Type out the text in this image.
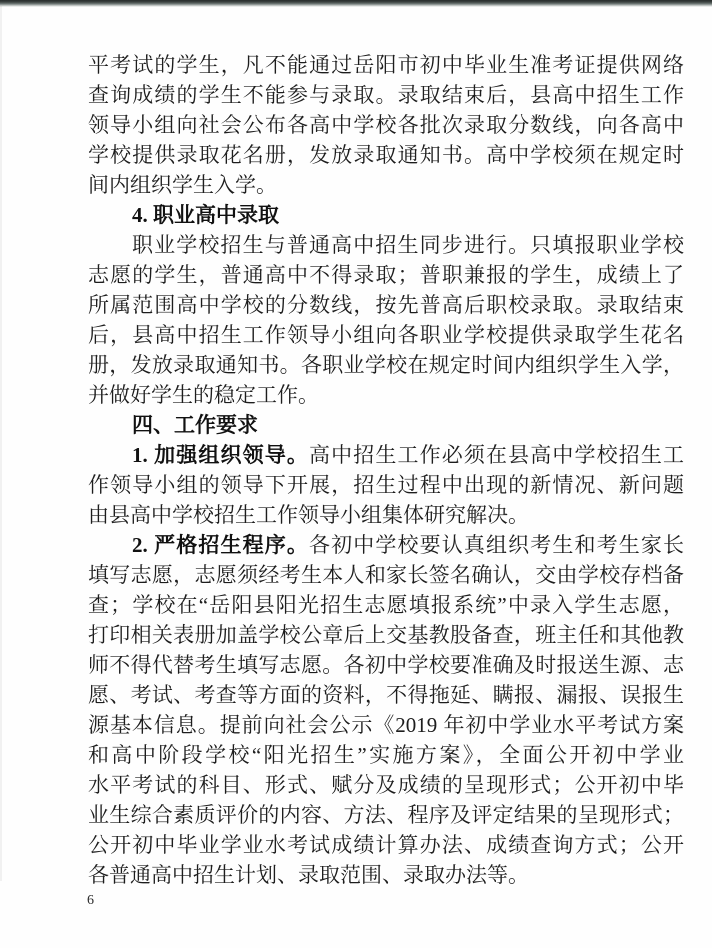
平考试的学生，凡不能通过岳阳市初中毕业生准考证提供网络
查询成绩的学生不能参与录取。录取结束后，县高中招生工作
领导小组向社会公布各高中学校各批次录取分数线，向各高中
学校提供录取花名册，发放录取通知书。高中学校须在规定时
间内组织学生入学。
4. 职业高中录取
职业学校招生与普通高中招生同步进行。只填报职业学校
志愿的学生，普通高中不得录取；普职兼报的学生，成绩上了
所属范围高中学校的分数线，按先普高后职校录取。录取结束
后，县高中招生工作领导小组向各职业学校提供录取学生花名
册，发放录取通知书。各职业学校在规定时间内组织学生入学，
并做好学生的稳定工作。
四、工作要求
1. 加强组织领导。高中招生工作必须在县高中学校招生工
作领导小组的领导下开展，招生过程中出现的新情况、新问题
由县高中学校招生工作领导小组集体研究解决。
2. 严格招生程序。各初中学校要认真组织考生和考生家长
填写志愿，志愿须经考生本人和家长签名确认，交由学校存档备
查；学校在“岳阳县阳光招生志愿填报系统”中录入学生志愿，
打印相关表册加盖学校公章后上交基教股备查，班主任和其他教
师不得代替考生填写志愿。各初中学校要准确及时报送生源、志
愿、考试、考查等方面的资料，不得拖延、瞒报、漏报、误报生
源基本信息。提前向社会公示《2019 年初中学业水平考试方案
和高中阶段学校“阳光招生”实施方案》，全面公开初中学业
水平考试的科目、形式、赋分及成绩的呈现形式；公开初中毕
业生综合素质评价的内容、方法、程序及评定结果的呈现形式；
公开初中毕业学业水考试成绩计算办法、成绩查询方式；公开
各普通高中招生计划、录取范围、录取办法等。
6
